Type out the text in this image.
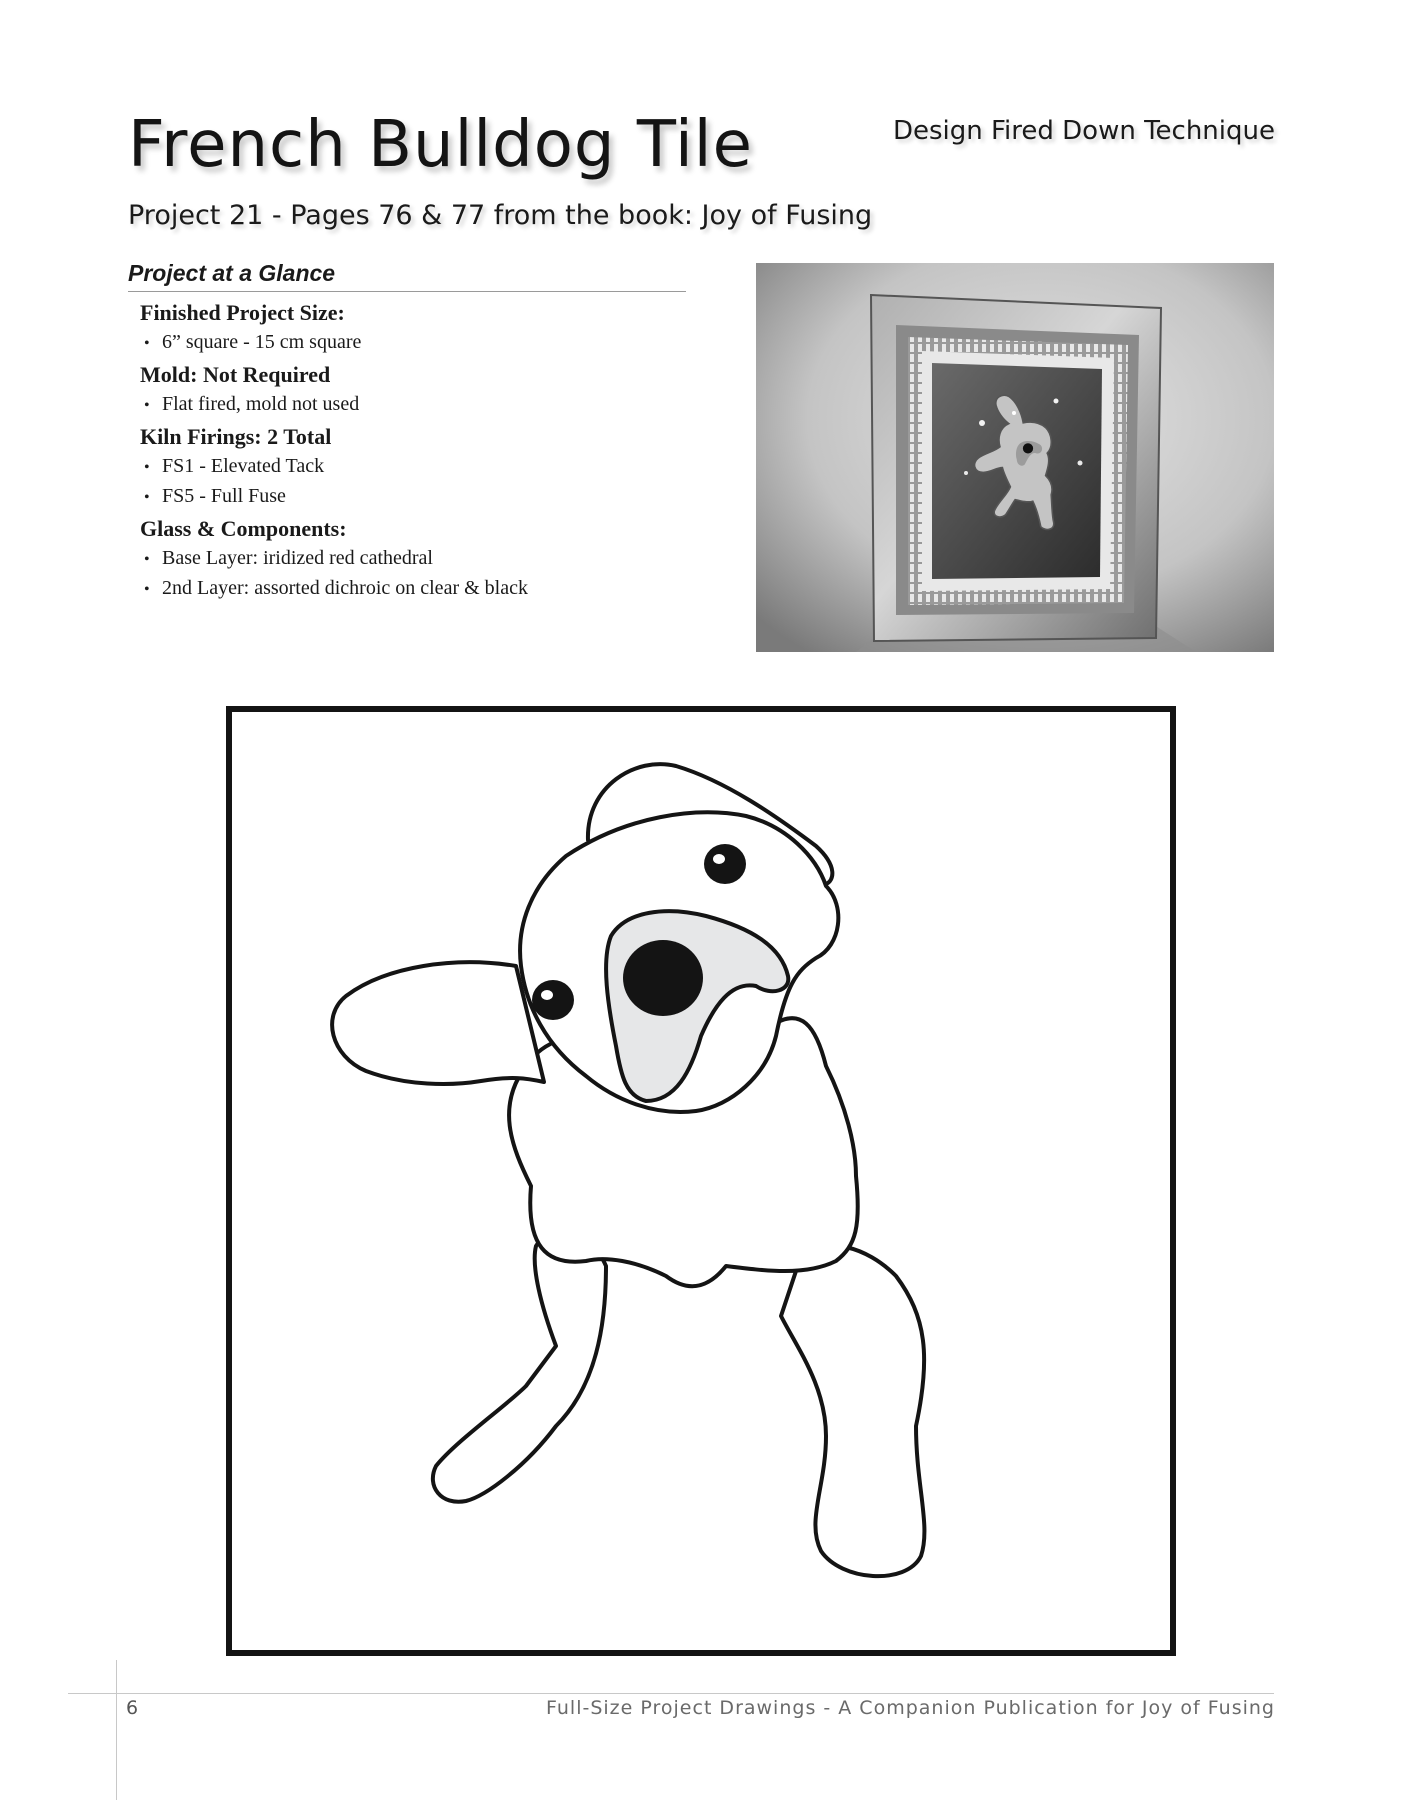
French Bulldog Tile	Design Fired Down Technique
Project 21 - Pages 76 & 77 from the book: Joy of Fusing
Project at a Glance
Finished Project Size:
• 6” square - 15 cm square
Mold: Not Required
• Flat fired, mold not used
Kiln Firings: 2 Total
• FS1 - Elevated Tack
• FS5 - Full Fuse
Glass & Components:
• Base Layer: iridized red cathedral
• 2nd Layer: assorted dichroic on clear & black
6	Full-Size Project Drawings - A Companion Publication for Joy of Fusing
